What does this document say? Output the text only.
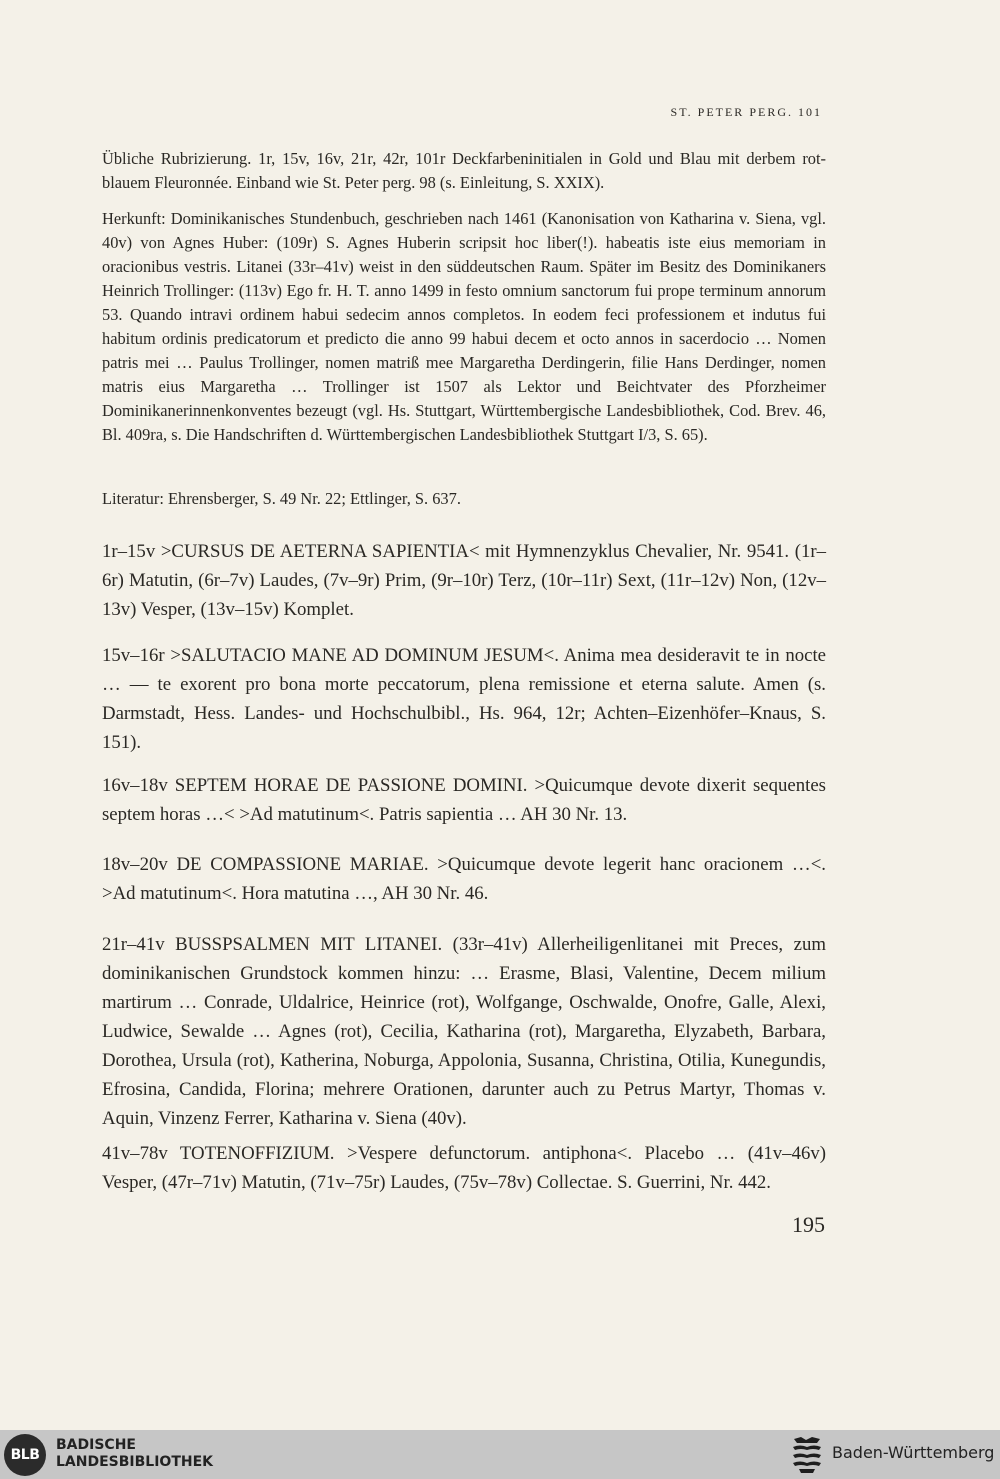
ST. PETER PERG. 101

Übliche Rubrizierung. 1r, 15v, 16v, 21r, 42r, 101r Deckfarbeninitialen in Gold und Blau mit derbem rot-blauem Fleuronnée. Einband wie St. Peter perg. 98 (s. Einleitung, S. XXIX).

Herkunft: Dominikanisches Stundenbuch, geschrieben nach 1461 (Kanonisation von Katharina v. Siena, vgl. 40v) von Agnes Huber: (109r) S. Agnes Huberin scripsit hoc liber(!). habeatis iste eius memoriam in oracionibus vestris. Litanei (33r–41v) weist in den süddeutschen Raum. Später im Besitz des Dominikaners Heinrich Trollinger: (113v) Ego fr. H. T. anno 1499 in festo omnium sanctorum fui prope terminum annorum 53. Quando intravi ordinem habui sedecim annos completos. In eodem feci professionem et indutus fui habitum ordinis predicatorum et predicto die anno 99 habui decem et octo annos in sacerdocio … Nomen patris mei … Paulus Trollinger, nomen matriß mee Margaretha Derdingerin, filie Hans Derdinger, nomen matris eius Margaretha … Trollinger ist 1507 als Lektor und Beichtvater des Pforzheimer Dominikanerinnenkonventes bezeugt (vgl. Hs. Stuttgart, Württembergische Landesbibliothek, Cod. Brev. 46, Bl. 409ra, s. Die Handschriften d. Württembergischen Landesbibliothek Stuttgart I/3, S. 65).

Literatur: Ehrensberger, S. 49 Nr. 22; Ettlinger, S. 637.

1r–15v >CURSUS DE AETERNA SAPIENTIA< mit Hymnenzyklus Chevalier, Nr. 9541. (1r–6r) Matutin, (6r–7v) Laudes, (7v–9r) Prim, (9r–10r) Terz, (10r–11r) Sext, (11r–12v) Non, (12v–13v) Vesper, (13v–15v) Komplet.

15v–16r >SALUTACIO MANE AD DOMINUM JESUM<. Anima mea desideravit te in nocte … — te exorent pro bona morte peccatorum, plena remissione et eterna salute. Amen (s. Darmstadt, Hess. Landes- und Hochschulbibl., Hs. 964, 12r; Achten–Eizenhöfer–Knaus, S. 151).

16v–18v SEPTEM HORAE DE PASSIONE DOMINI. >Quicumque devote dixerit sequentes septem horas …< >Ad matutinum<. Patris sapientia … AH 30 Nr. 13.

18v–20v DE COMPASSIONE MARIAE. >Quicumque devote legerit hanc oracionem …<. >Ad matutinum<. Hora matutina …, AH 30 Nr. 46.

21r–41v BUSSPSALMEN MIT LITANEI. (33r–41v) Allerheiligenlitanei mit Preces, zum dominikanischen Grundstock kommen hinzu: … Erasme, Blasi, Valentine, Decem milium martirum … Conrade, Uldalrice, Heinrice (rot), Wolfgange, Oschwalde, Onofre, Galle, Alexi, Ludwice, Sewalde … Agnes (rot), Cecilia, Katharina (rot), Margaretha, Elyzabeth, Barbara, Dorothea, Ursula (rot), Katherina, Noburga, Appolonia, Susanna, Christina, Otilia, Kunegundis, Efrosina, Candida, Florina; mehrere Orationen, darunter auch zu Petrus Martyr, Thomas v. Aquin, Vinzenz Ferrer, Katharina v. Siena (40v).

41v–78v TOTENOFFIZIUM. >Vespere defunctorum. antiphona<. Placebo … (41v–46v) Vesper, (47r–71v) Matutin, (71v–75r) Laudes, (75v–78v) Collectae. S. Guerrini, Nr. 442.

195
BLB
BADISCHE
LANDESBIBLIOTHEK	Baden-Württemberg
